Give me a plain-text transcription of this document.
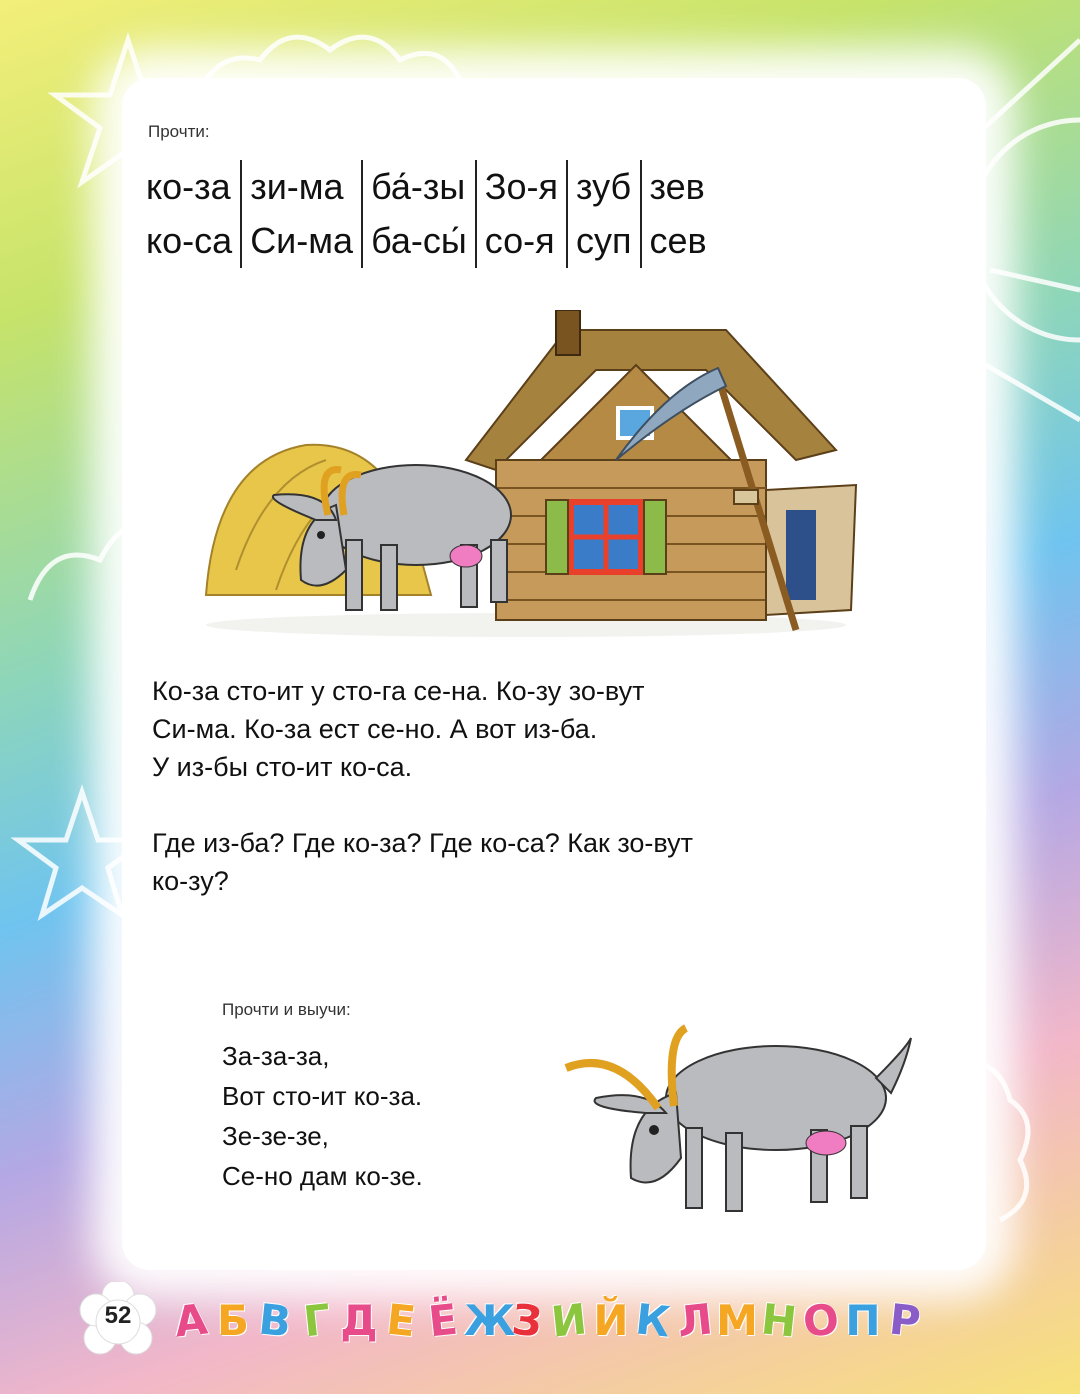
Прочти:
ко-за
ко-са
зи-ма
Си-ма
ба́-зы
ба-сы́
Зо-я
со-я
зуб
суп
зев
сев
Ко-за сто-ит у сто-га се-на. Ко-зу зо-вут
Си-ма. Ко-за ест се-но. А вот из-ба.
У из-бы сто-ит ко-са.
Где из-ба? Где ко-за? Где ко-са? Как зо-вут
ко-зу?
Прочти и выучи:
За-за-за,
Вот сто-ит ко-за.
Зе-зе-зе,
Се-но дам ко-зе.
52 А Б В Г Д Е Ё Ж
З И Й К Л М Н О П Р
